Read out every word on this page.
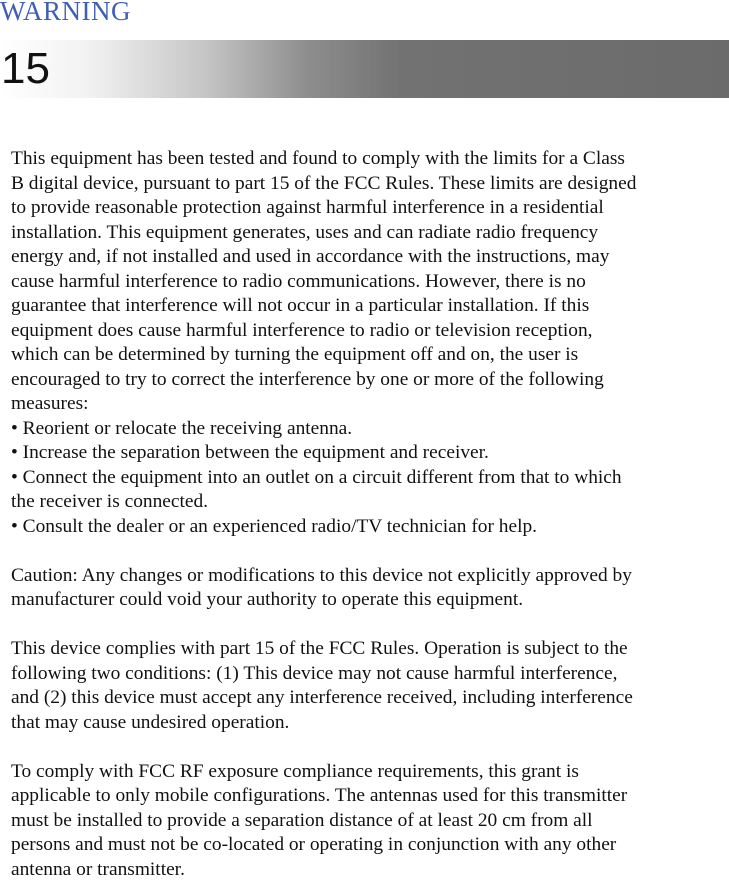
WARNING
15

This equipment has been tested and found to comply with the limits for a Class

B digital device, pursuant to part 15 of the FCC Rules. These limits are designed

to provide reasonable protection against harmful interference in a residential

installation. This equipment generates, uses and can radiate radio frequency

energy and, if not installed and used in accordance with the instructions, may

cause harmful interference to radio communications. However, there is no

guarantee that interference will not occur in a particular installation. If this

equipment does cause harmful interference to radio or television reception,

which can be determined by turning the equipment off and on, the user is

encouraged to try to correct the interference by one or more of the following

measures:

• Reorient or relocate the receiving antenna.

• Increase the separation between the equipment and receiver.

• Connect the equipment into an outlet on a circuit different from that to which

the receiver is connected.

• Consult the dealer or an experienced radio/TV technician for help.

Caution: Any changes or modifications to this device not explicitly approved by

manufacturer could void your authority to operate this equipment.

This device complies with part 15 of the FCC Rules. Operation is subject to the

following two conditions: (1) This device may not cause harmful interference,

and (2) this device must accept any interference received, including interference

that may cause undesired operation.

To comply with FCC RF exposure compliance requirements, this grant is

applicable to only mobile configurations. The antennas used for this transmitter

must be installed to provide a separation distance of at least 20 cm from all

persons and must not be co-located or operating in conjunction with any other

antenna or transmitter.
